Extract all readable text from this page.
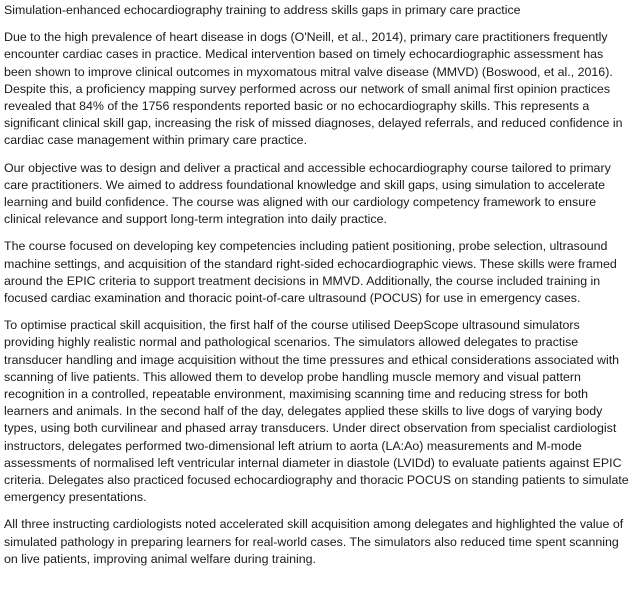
Simulation-enhanced echocardiography training to address skills gaps in primary care practice

Due to the high prevalence of heart disease in dogs (O'Neill, et al., 2014), primary care practitioners frequently encounter cardiac cases in practice. Medical intervention based on timely echocardiographic assessment has been shown to improve clinical outcomes in myxomatous mitral valve disease (MMVD) (Boswood, et al., 2016). Despite this, a proficiency mapping survey performed across our network of small animal first opinion practices revealed that 84% of the 1756 respondents reported basic or no echocardiography skills. This represents a significant clinical skill gap, increasing the risk of missed diagnoses, delayed referrals, and reduced confidence in cardiac case management within primary care practice.

Our objective was to design and deliver a practical and accessible echocardiography course tailored to primary care practitioners. We aimed to address foundational knowledge and skill gaps, using simulation to accelerate learning and build confidence. The course was aligned with our cardiology competency framework to ensure clinical relevance and support long-term integration into daily practice.

The course focused on developing key competencies including patient positioning, probe selection, ultrasound machine settings, and acquisition of the standard right-sided echocardiographic views. These skills were framed around the EPIC criteria to support treatment decisions in MMVD. Additionally, the course included training in focused cardiac examination and thoracic point-of-care ultrasound (POCUS) for use in emergency cases.

To optimise practical skill acquisition, the first half of the course utilised DeepScope ultrasound simulators providing highly realistic normal and pathological scenarios. The simulators allowed delegates to practise transducer handling and image acquisition without the time pressures and ethical considerations associated with scanning of live patients. This allowed them to develop probe handling muscle memory and visual pattern recognition in a controlled, repeatable environment, maximising scanning time and reducing stress for both learners and animals. In the second half of the day, delegates applied these skills to live dogs of varying body types, using both curvilinear and phased array transducers. Under direct observation from specialist cardiologist instructors, delegates performed two-dimensional left atrium to aorta (LA:Ao) measurements and M-mode assessments of normalised left ventricular internal diameter in diastole (LVIDd) to evaluate patients against EPIC criteria. Delegates also practiced focused echocardiography and thoracic POCUS on standing patients to simulate emergency presentations.

All three instructing cardiologists noted accelerated skill acquisition among delegates and highlighted the value of simulated pathology in preparing learners for real-world cases. The simulators also reduced time spent scanning on live patients, improving animal welfare during training.
